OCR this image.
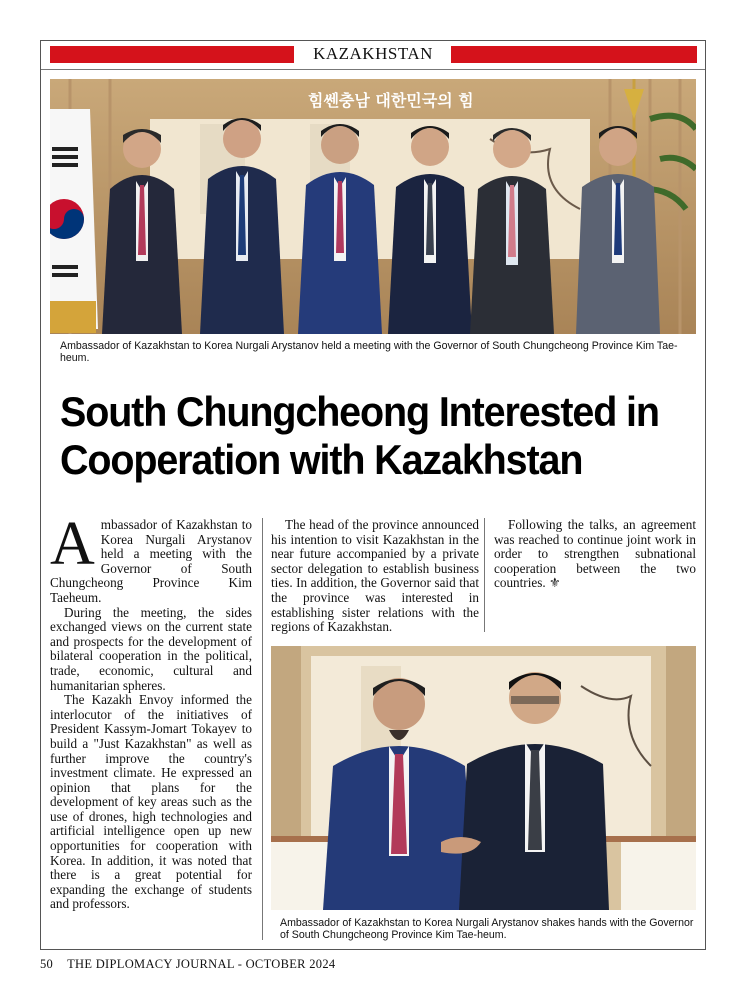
KAZAKHSTAN
힘쎈충남 대한민국의 힘
Ambassador of Kazakhstan to Korea Nurgali Arystanov held a meeting with the Governor of South Chungcheong Province Kim Tae-heum.
South Chungcheong Interested in Cooperation with Kazakhstan

Ambassador of Kazakhstan to Korea Nurgali Arystanov held a meeting with the Governor of South Chungcheong Province Kim Taeheum.

During the meeting, the sides exchanged views on the current state and prospects for the development of bilateral cooperation in the political, trade, economic, cultural and humanitarian spheres.

The Kazakh Envoy informed the interlocutor of the initiatives of President Kassym-Jomart Tokayev to build a "Just Kazakhstan" as well as further improve the country's investment climate. He expressed an opinion that plans for the development of key areas such as the use of drones, high technologies and artificial intelligence open up new opportunities for cooperation with Korea. In addition, it was noted that there is a great potential for expanding the exchange of students and professors.

The head of the province announced his intention to visit Kazakhstan in the near future accompanied by a private sector delegation to establish business ties. In addition, the Governor said that the province was interested in establishing sister relations with the regions of Kazakhstan.

Following the talks, an agreement was reached to continue joint work in order to strengthen subnational cooperation between the two countries. ⚜

Ambassador of Kazakhstan to Korea Nurgali Arystanov shakes hands with the Governor of South Chungcheong Province Kim Tae-heum.
50 THE DIPLOMACY JOURNAL - OCTOBER 2024
